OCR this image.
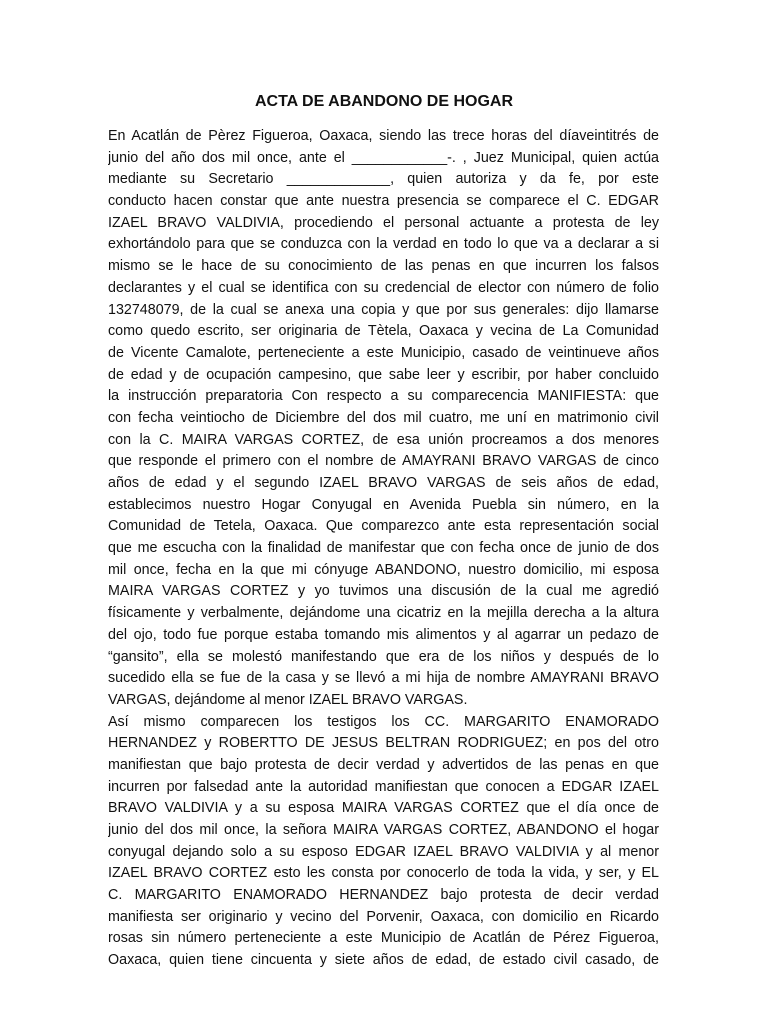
ACTA DE ABANDONO DE HOGAR
En Acatlán de Pèrez Figueroa, Oaxaca, siendo las trece horas del díaveintitrés de
junio del año dos mil once, ante el ____________-. , Juez Municipal, quien actúa
mediante su Secretario _____________, quien autoriza y da fe, por este
conducto hacen constar que ante nuestra presencia se comparece el C. EDGAR
IZAEL BRAVO VALDIVIA, procediendo el personal actuante a protesta de ley
exhortándolo para que se conduzca con la verdad en todo lo que va a declarar a si
mismo se le hace de su conocimiento de las penas en que incurren los falsos
declarantes y el cual se identifica con su credencial de elector con número de folio
132748079, de la cual se anexa una copia y que por sus generales: dijo llamarse
como quedo escrito, ser originaria de Tètela, Oaxaca y vecina de La Comunidad
de Vicente Camalote, perteneciente a este Municipio, casado de veintinueve años
de edad y de ocupación campesino, que sabe leer y escribir, por haber concluido
la instrucción preparatoria Con respecto a su comparecencia MANIFIESTA: que
con fecha veintiocho de Diciembre del dos mil cuatro, me uní en matrimonio civil
con la C. MAIRA VARGAS CORTEZ, de esa unión procreamos a dos menores
que responde el primero con el nombre de AMAYRANI BRAVO VARGAS de cinco
años de edad y el segundo IZAEL BRAVO VARGAS de seis años de edad,
establecimos nuestro Hogar Conyugal en Avenida Puebla sin número, en la
Comunidad de Tetela, Oaxaca. Que comparezco ante esta representación social
que me escucha con la finalidad de manifestar que con fecha once de junio de dos
mil once, fecha en la que mi cónyuge ABANDONO, nuestro domicilio, mi esposa
MAIRA VARGAS CORTEZ y yo tuvimos una discusión de la cual me agredió
físicamente y verbalmente, dejándome una cicatriz en la mejilla derecha a la altura
del ojo, todo fue porque estaba tomando mis alimentos y al agarrar un pedazo de
“gansito”, ella se molestó manifestando que era de los niños y después de lo
sucedido ella se fue de la casa y se llevó a mi hija de nombre AMAYRANI BRAVO
VARGAS, dejándome al menor IZAEL BRAVO VARGAS.
Así mismo comparecen los testigos los CC. MARGARITO ENAMORADO
HERNANDEZ y ROBERTTO DE JESUS BELTRAN RODRIGUEZ; en pos del otro
manifiestan que bajo protesta de decir verdad y advertidos de las penas en que
incurren por falsedad ante la autoridad manifiestan que conocen a EDGAR IZAEL
BRAVO VALDIVIA y a su esposa MAIRA VARGAS CORTEZ que el día once de
junio del dos mil once, la señora MAIRA VARGAS CORTEZ, ABANDONO el hogar
conyugal dejando solo a su esposo EDGAR IZAEL BRAVO VALDIVIA y al menor
IZAEL BRAVO CORTEZ esto les consta por conocerlo de toda la vida, y ser, y EL
C. MARGARITO ENAMORADO HERNANDEZ bajo protesta de decir verdad
manifiesta ser originario y vecino del Porvenir, Oaxaca, con domicilio en Ricardo
rosas sin número perteneciente a este Municipio de Acatlán de Pérez Figueroa,
Oaxaca, quien tiene cincuenta y siete años de edad, de estado civil casado, de
